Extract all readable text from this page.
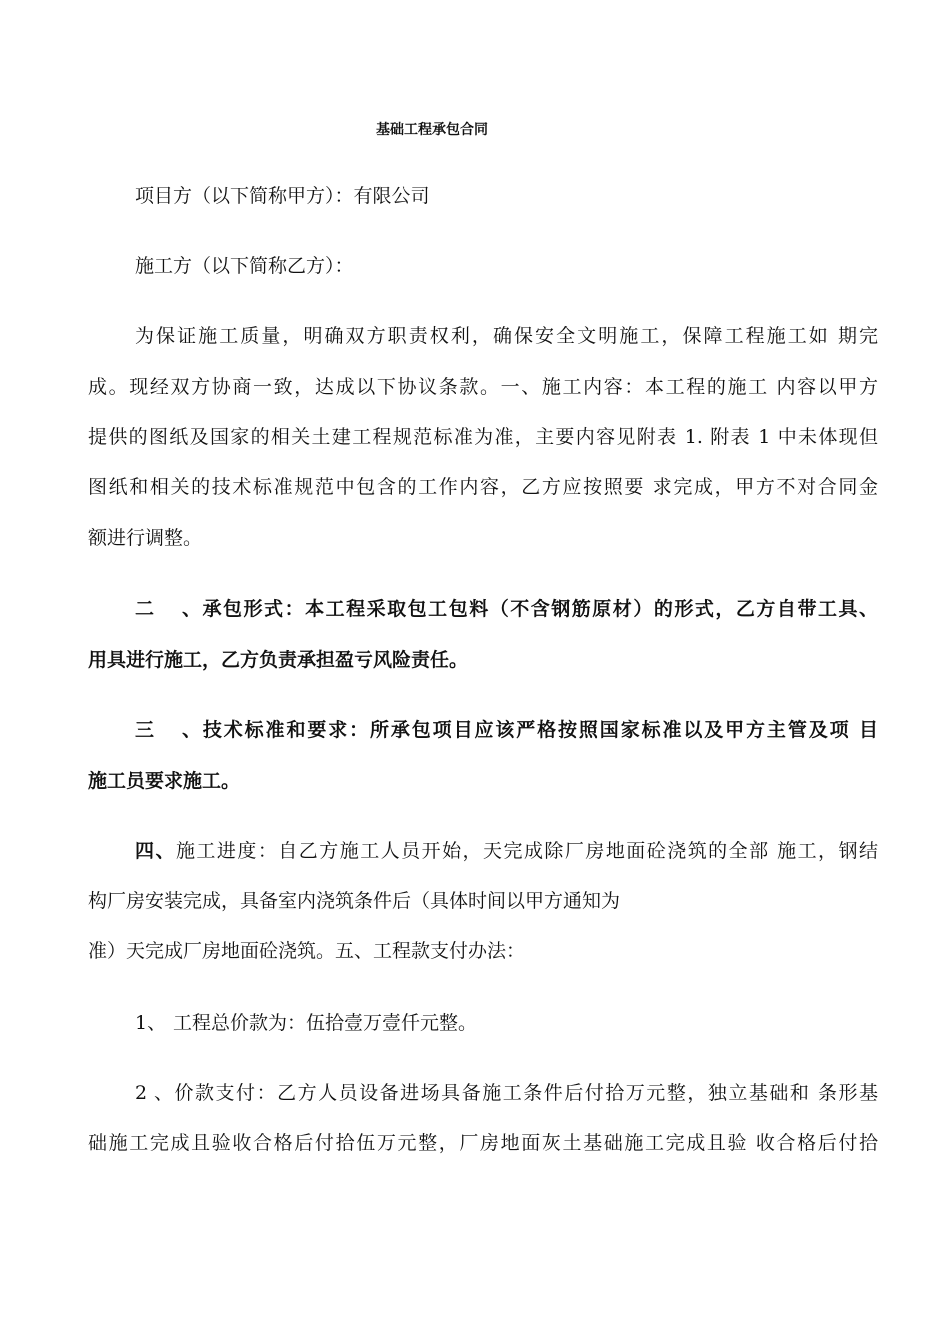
基础工程承包合同
项目方（以下简称甲方）：有限公司
施工方（以下简称乙方）：
为保证施工质量，明确双方职责权利，确保安全文明施工，保障工程施工如 期完
成。现经双方协商一致，达成以下协议条款。一、施工内容：本工程的施工 内容以甲方
提供的图纸及国家的相关土建工程规范标准为准，主要内容见附表 1. 附表 1 中未体现但
图纸和相关的技术标准规范中包含的工作内容，乙方应按照要 求完成，甲方不对合同金
额进行调整。
二、承包形式：本工程采取包工包料（不含钢筋原材）的形式，乙方自带工具、
用具进行施工，乙方负责承担盈亏风险责任。
三、技术标准和要求：所承包项目应该严格按照国家标准以及甲方主管及项 目
施工员要求施工。
四、施工进度：自乙方施工人员开始，天完成除厂房地面砼浇筑的全部 施工，钢结
构厂房安装完成，具备室内浇筑条件后（具体时间以甲方通知为
准）天完成厂房地面砼浇筑。五、工程款支付办法：
1、 工程总价款为：伍拾壹万壹仟元整。
2、价款支付：乙方人员设备进场具备施工条件后付拾万元整，独立基础和 条形基
础施工完成且验收合格后付拾伍万元整，厂房地面灰土基础施工完成且验 收合格后付拾
